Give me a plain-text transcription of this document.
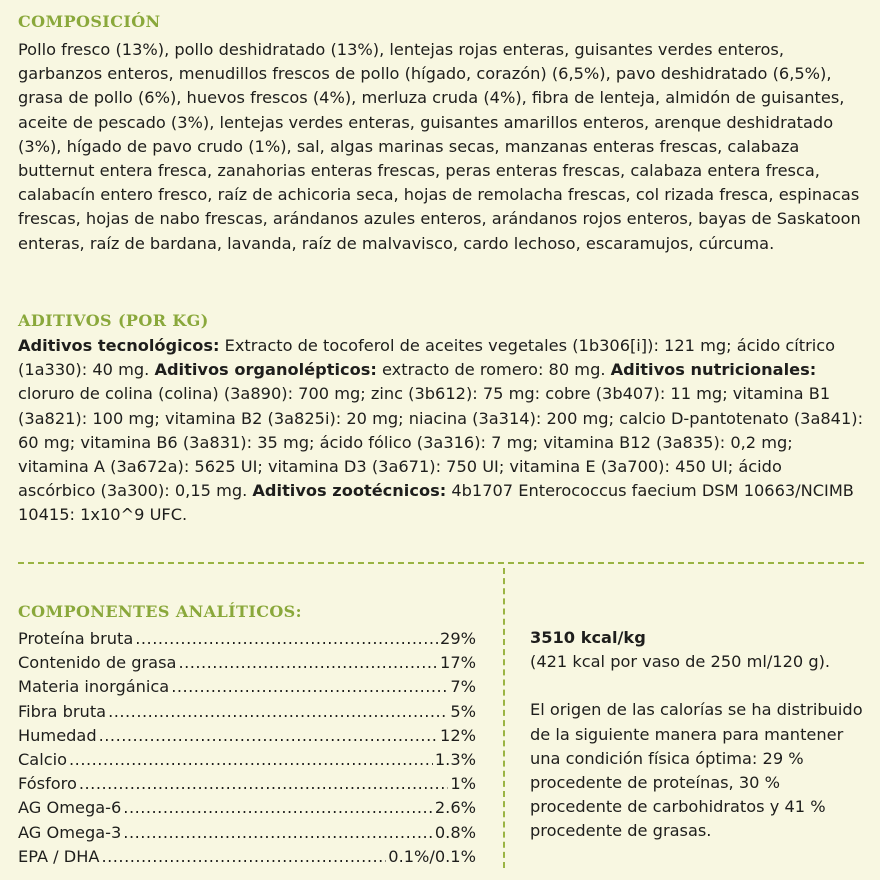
COMPOSICIÓN

Pollo fresco (13%), pollo deshidratado (13%), lentejas rojas enteras, guisantes verdes enteros, garbanzos enteros, menudillos frescos de pollo (hígado, corazón) (6,5%), pavo deshidratado (6,5%), grasa de pollo (6%), huevos frescos (4%), merluza cruda (4%), fibra de lenteja, almidón de guisantes, aceite de pescado (3%), lentejas verdes enteras, guisantes amarillos enteros, arenque deshidratado (3%), hígado de pavo crudo (1%), sal, algas marinas secas, manzanas enteras frescas, calabaza butternut entera fresca, zanahorias enteras frescas, peras enteras frescas, calabaza entera fresca, calabacín entero fresco, raíz de achicoria seca, hojas de remolacha frescas, col rizada fresca, espinacas frescas, hojas de nabo frescas, arándanos azules enteros, arándanos rojos enteros, bayas de Saskatoon enteras, raíz de bardana, lavanda, raíz de malvavisco, cardo lechoso, escaramujos, cúrcuma.

ADITIVOS (POR KG)

Aditivos tecnológicos: Extracto de tocoferol de aceites vegetales (1b306[i]): 121 mg; ácido cítrico (1a330): 40 mg. Aditivos organolépticos: extracto de romero: 80 mg. Aditivos nutricionales: cloruro de colina (colina) (3a890): 700 mg; zinc (3b612): 75 mg: cobre (3b407): 11 mg; vitamina B1 (3a821): 100 mg; vitamina B2 (3a825i): 20 mg; niacina (3a314): 200 mg; calcio D-pantotenato (3a841): 60 mg; vitamina B6 (3a831): 35 mg; ácido fólico (3a316): 7 mg; vitamina B12 (3a835): 0,2 mg; vitamina A (3a672a): 5625 UI; vitamina D3 (3a671): 750 UI; vitamina E (3a700): 450 UI; ácido ascórbico (3a300): 0,15 mg. Aditivos zootécnicos: 4b1707 Enterococcus faecium DSM 10663/NCIMB 10415: 1x10^9 UFC.

COMPONENTES ANALÍTICOS:
Proteína bruta .....	29%
Contenido de grasa .....	17%
Materia inorgánica .....	7%
Fibra bruta .....	5%
Humedad .....	12%
Calcio .....	1.3%
Fósforo .....	1%
AG Omega-6 .....	2.6%
AG Omega-3 .....	0.8%
EPA / DHA .....	0.1%/0.1%

3510 kcal/kg

(421 kcal por vaso de 250 ml/120 g).

El origen de las calorías se ha distribuido de la siguiente manera para mantener una condición física óptima: 29 % procedente de proteínas, 30 % procedente de carbohidratos y 41 % procedente de grasas.
